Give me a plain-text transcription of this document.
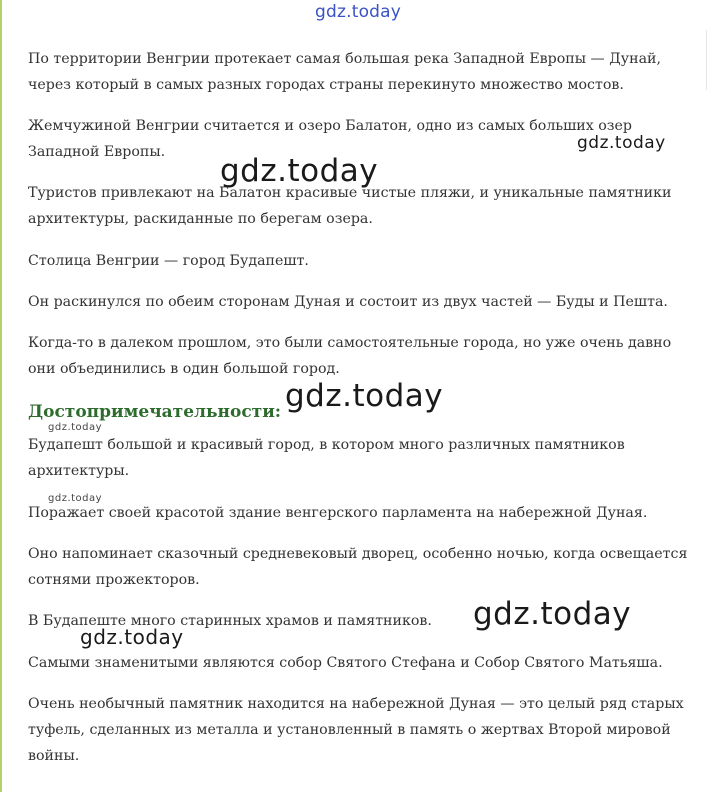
По территории Венгрии протекает самая большая река Западной Европы — Дунай, через который в самых разных городах страны перекинуто множество мостов.

Жемчужиной Венгрии считается и озеро Балатон, одно из самых больших озер Западной Европы.

Туристов привлекают на Балатон красивые чистые пляжи, и уникальные памятники архитектуры, раскиданные по берегам озера.

Столица Венгрии — город Будапешт.

Он раскинулся по обеим сторонам Дуная и состоит из двух частей — Буды и Пешта.

Когда-то в далеком прошлом, это были самостоятельные города, но уже очень давно они объединились в один большой город.

Достопримечательности:

Будапешт большой и красивый город, в котором много различных памятников архитектуры.

Поражает своей красотой здание венгерского парламента на набережной Дуная.

Оно напоминает сказочный средневековый дворец, особенно ночью, когда освещается сотнями прожекторов.

В Будапеште много старинных храмов и памятников.

Самыми знаменитыми являются собор Святого Стефана и Собор Святого Матьяша.

Очень необычный памятник находится на набережной Дуная — это целый ряд старых туфель, сделанных из металла и установленный в память о жертвах Второй мировой войны.

gdz.today
gdz.today
gdz.today
gdz.today
gdz.today
gdz.today
gdz.today
gdz.today
